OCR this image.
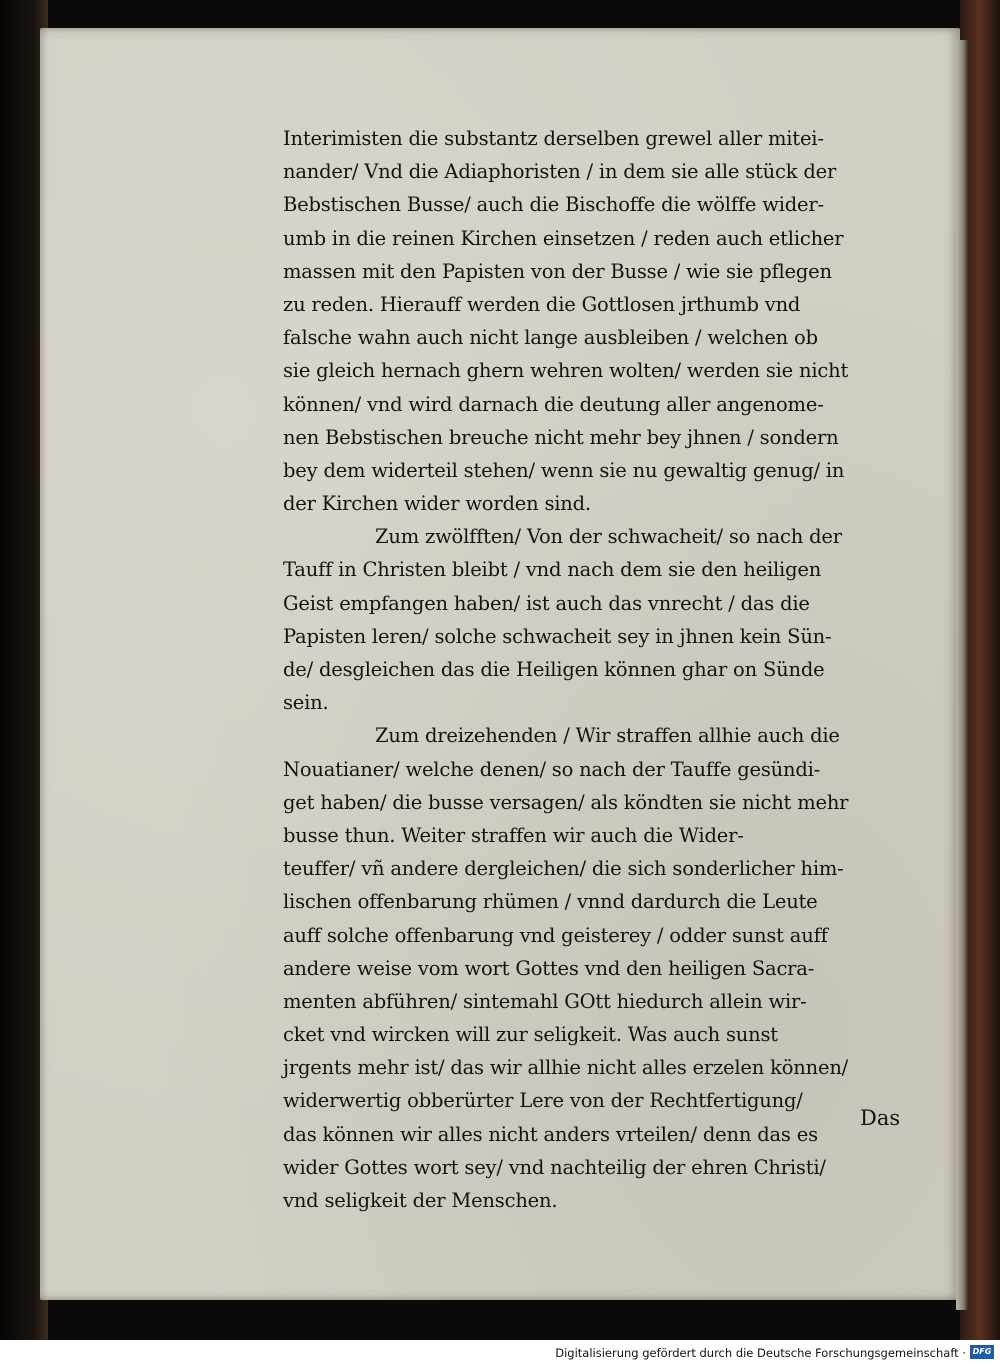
Interimisten die substantz derselben grewel aller mitei-
nander/ Vnd die Adiaphoristen / in dem sie alle stück der
Bebstischen Busse/ auch die Bischoffe die wölffe wider-
umb in die reinen Kirchen einsetzen / reden auch etlicher
massen mit den Papisten von der Busse / wie sie pflegen
zu reden. Hierauff werden die Gottlosen jrthumb vnd
falsche wahn auch nicht lange ausbleiben / welchen ob
sie gleich hernach ghern wehren wolten/ werden sie nicht
können/ vnd wird darnach die deutung aller angenome-
nen Bebstischen breuche nicht mehr bey jhnen / sondern
bey dem widerteil stehen/ wenn sie nu gewaltig genug/ in
der Kirchen wider worden sind.
Zum zwölfften/ Von der schwacheit/ so nach der
Tauff in Christen bleibt / vnd nach dem sie den heiligen
Geist empfangen haben/ ist auch das vnrecht / das die
Papisten leren/ solche schwacheit sey in jhnen kein Sün-
de/ desgleichen das die Heiligen können ghar on Sünde
sein.
Zum dreizehenden / Wir straffen allhie auch die
Nouatianer/ welche denen/ so nach der Tauffe gesündi-
get haben/ die busse versagen/ als köndten sie nicht mehr
busse thun. Weiter straffen wir auch die Wider-
teuffer/ vñ andere dergleichen/ die sich sonderlicher him-
lischen offenbarung rhümen / vnnd dardurch die Leute
auff solche offenbarung vnd geisterey / odder sunst auff
andere weise vom wort Gottes vnd den heiligen Sacra-
menten abführen/ sintemahl GOtt hiedurch allein wir-
cket vnd wircken will zur seligkeit. Was auch sunst
jrgents mehr ist/ das wir allhie nicht alles erzelen können/
widerwertig obberürter Lere von der Rechtfertigung/
das können wir alles nicht anders vrteilen/ denn das es
wider Gottes wort sey/ vnd nachteilig der ehren Christi/
vnd seligkeit der Menschen.
Das
Digitalisierung gefördert durch die Deutsche Forschungsgemeinschaft · DFG
